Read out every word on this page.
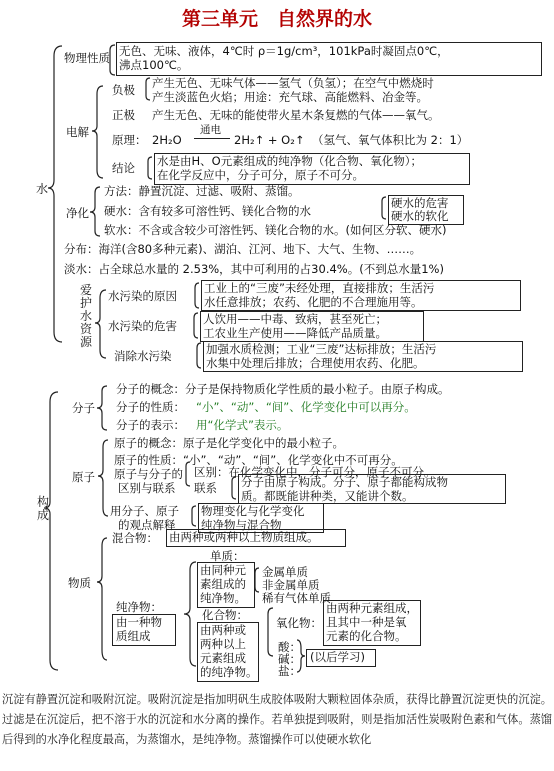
第三单元　自然界的水
水
物理性质 无色、无味、液体，4℃时 ρ＝1g/cm³，101kPa时凝固点0℃，
沸点100℃。
电解
负极 产生无色、无味气体——氢气（负氢）；在空气中燃烧时
产生淡蓝色火焰；用途：充气球、高能燃料、冶金等。
正极 产生无色、无味的能使带火星木条复燃的气体——氧气。
原理： 2H₂O
通电
2H₂↑ + O₂↑ （氢气、氧气体积比为 2：1）
结论 水是由H、O元素组成的纯净物（化合物、氧化物）；
在化学反应中，分子可分，原子不可分。
净化
方法：静置沉淀、过滤、吸附、蒸馏。
硬水：含有较多可溶性钙、镁化合物的水
硬水的危害
硬水的软化
软水：不含或含较少可溶性钙、镁化合物的水。(如何区分软、硬水)
分布：海洋(含80多种元素)、湖泊、江河、地下、大气、生物、……。
淡水：占全球总水量的 2.53%，其中可利用的占30.4%。(不到总水量1%)
爱护水资源
水污染的原因
工业上的“三废”未经处理，直接排放；生活污
水任意排放；农药、化肥的不合理施用等。
水污染的危害 人饮用——中毒、致病，甚至死亡；
工农业生产使用——降低产品质量。
消除水污染	加强水质检测；工业“三废”达标排放；生活污
水集中处理后排放；合理使用农药、化肥。
构成
分子
分子的概念：分子是保持物质化学性质的最小粒子。由原子构成。
分子的性质： “小”、“动”、“间”、化学变化中可以再分。
分子的表示： 用“化学式”表示。
原子
原子的概念：原子是化学变化中的最小粒子。
原子的性质：“小”、“动”、“间”、化学变化中不可再分。
原子与分子的
区别与联系
区别：在化学变化中，分子可分，原子不可分。
联系 分子由原子构成。分子、原子都能构成物
质。都既能讲种类，又能讲个数。
用分子、原子
的观点解释
物理变化与化学变化
纯净物与混合物
物质
混合物： 由两种或两种以上物质组成。
纯净物：
由一种物
质组成
单质：
由同种元
素组成的
纯净物。
金属单质
非金属单质
稀有气体单质
化合物：
由两种或
两种以上
元素组成
的纯净物。
氧化物：
由两种元素组成，
且其中一种是氧
元素的化合物。
酸：
碱：
盐：
(以后学习)
沉淀有静置沉淀和吸附沉淀。吸附沉淀是指加明矾生成胶体吸附大颗粒固体杂质，获得比静置沉淀更快的沉淀。过滤是在沉淀后，把不溶于水的沉淀和水分离的操作。若单独提到吸附，则是指加活性炭吸附色素和气体。蒸馏后得到的水净化程度最高，为蒸馏水，是纯净物。蒸馏操作可以使硬水软化
